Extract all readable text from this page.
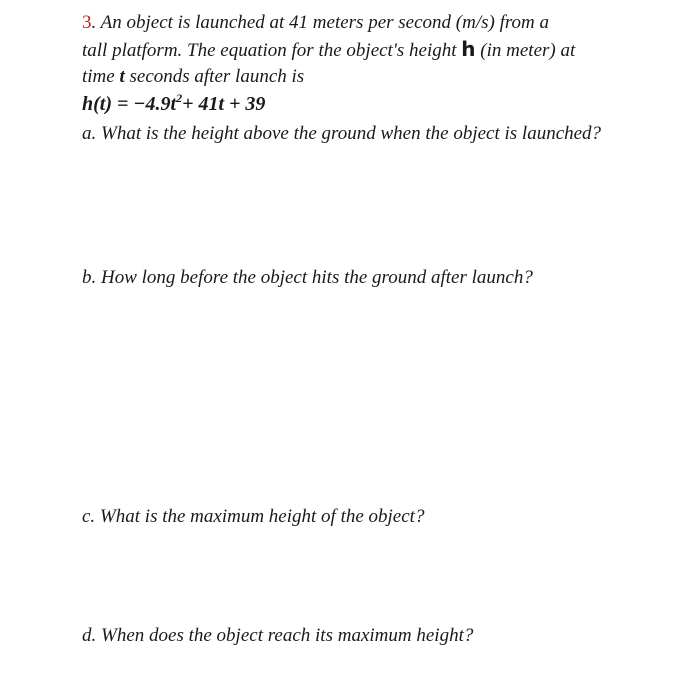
3. An object is launched at 41 meters per second (m/s) from a
tall platform. The equation for the object's height h (in meter) at
time t seconds after launch is
$h(t) = -4.9t^2+ 41t + 39$

a. What is the height above the ground when the object is launched?

b. How long before the object hits the ground after launch?

c. What is the maximum height of the object?

d. When does the object reach its maximum height?
